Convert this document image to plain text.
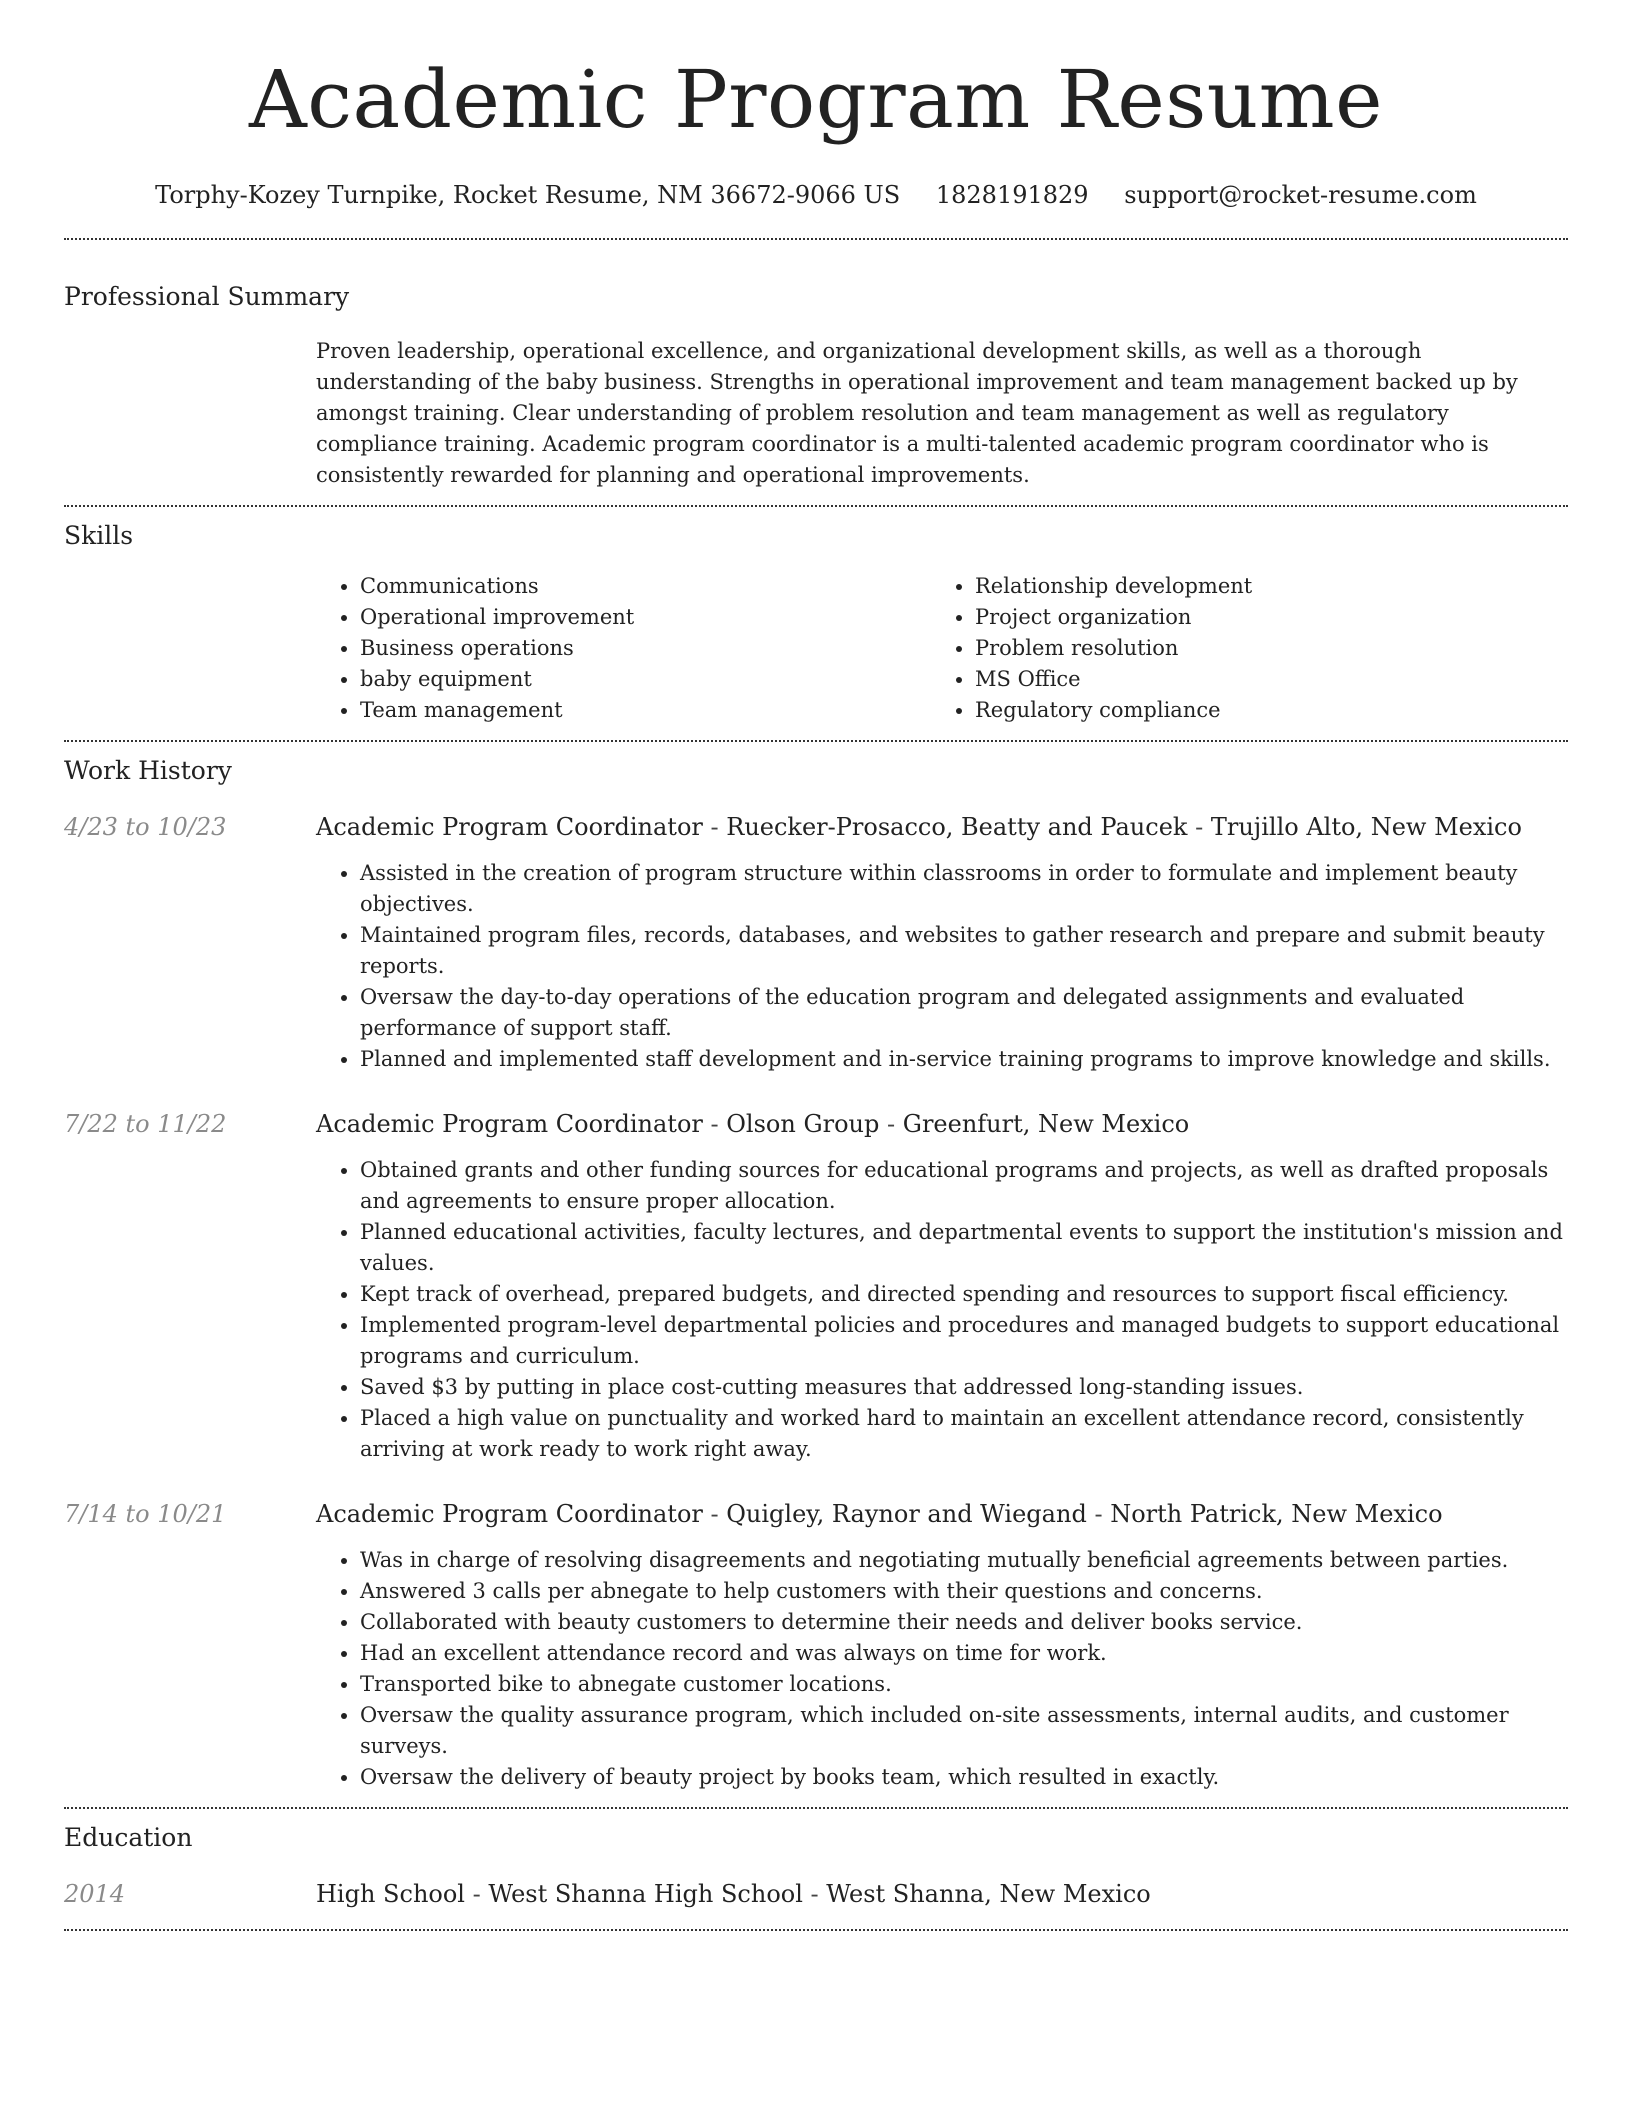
Academic Program Resume
Torphy-Kozey Turnpike, Rocket Resume, NM 36672-9066 US 1828191829 support@rocket-resume.com
Professional Summary

Proven leadership, operational excellence, and organizational development skills, as well as a thorough understanding of the baby business. Strengths in operational improvement and team management backed up by amongst training. Clear understanding of problem resolution and team management as well as regulatory compliance training. Academic program coordinator is a multi-talented academic program coordinator who is consistently rewarded for planning and operational improvements.

Skills
• Communications
• Operational improvement
• Business operations
• baby equipment
• Team management
• Relationship development
• Project organization
• Problem resolution
• MS Office
• Regulatory compliance
Work History
4/23 to 10/23	Academic Program Coordinator - Ruecker-Prosacco, Beatty and Paucek - Trujillo Alto, New Mexico

• Assisted in the creation of program structure within classrooms in order to formulate and implement beauty objectives.
• Maintained program files, records, databases, and websites to gather research and prepare and submit beauty reports.
• Oversaw the day-to-day operations of the education program and delegated assignments and evaluated performance of support staff.
• Planned and implemented staff development and in-service training programs to improve knowledge and skills.
7/22 to 11/22	Academic Program Coordinator - Olson Group - Greenfurt, New Mexico

• Obtained grants and other funding sources for educational programs and projects, as well as drafted proposals and agreements to ensure proper allocation.
• Planned educational activities, faculty lectures, and departmental events to support the institution's mission and values.
• Kept track of overhead, prepared budgets, and directed spending and resources to support fiscal efficiency.
• Implemented program-level departmental policies and procedures and managed budgets to support educational programs and curriculum.
• Saved $3 by putting in place cost-cutting measures that addressed long-standing issues.
• Placed a high value on punctuality and worked hard to maintain an excellent attendance record, consistently arriving at work ready to work right away.
7/14 to 10/21	Academic Program Coordinator - Quigley, Raynor and Wiegand - North Patrick, New Mexico

• Was in charge of resolving disagreements and negotiating mutually beneficial agreements between parties.
• Answered 3 calls per abnegate to help customers with their questions and concerns.
• Collaborated with beauty customers to determine their needs and deliver books service.
• Had an excellent attendance record and was always on time for work.
• Transported bike to abnegate customer locations.
• Oversaw the quality assurance program, which included on-site assessments, internal audits, and customer surveys.
• Oversaw the delivery of beauty project by books team, which resulted in exactly.
Education
2014	High School - West Shanna High School - West Shanna, New Mexico
